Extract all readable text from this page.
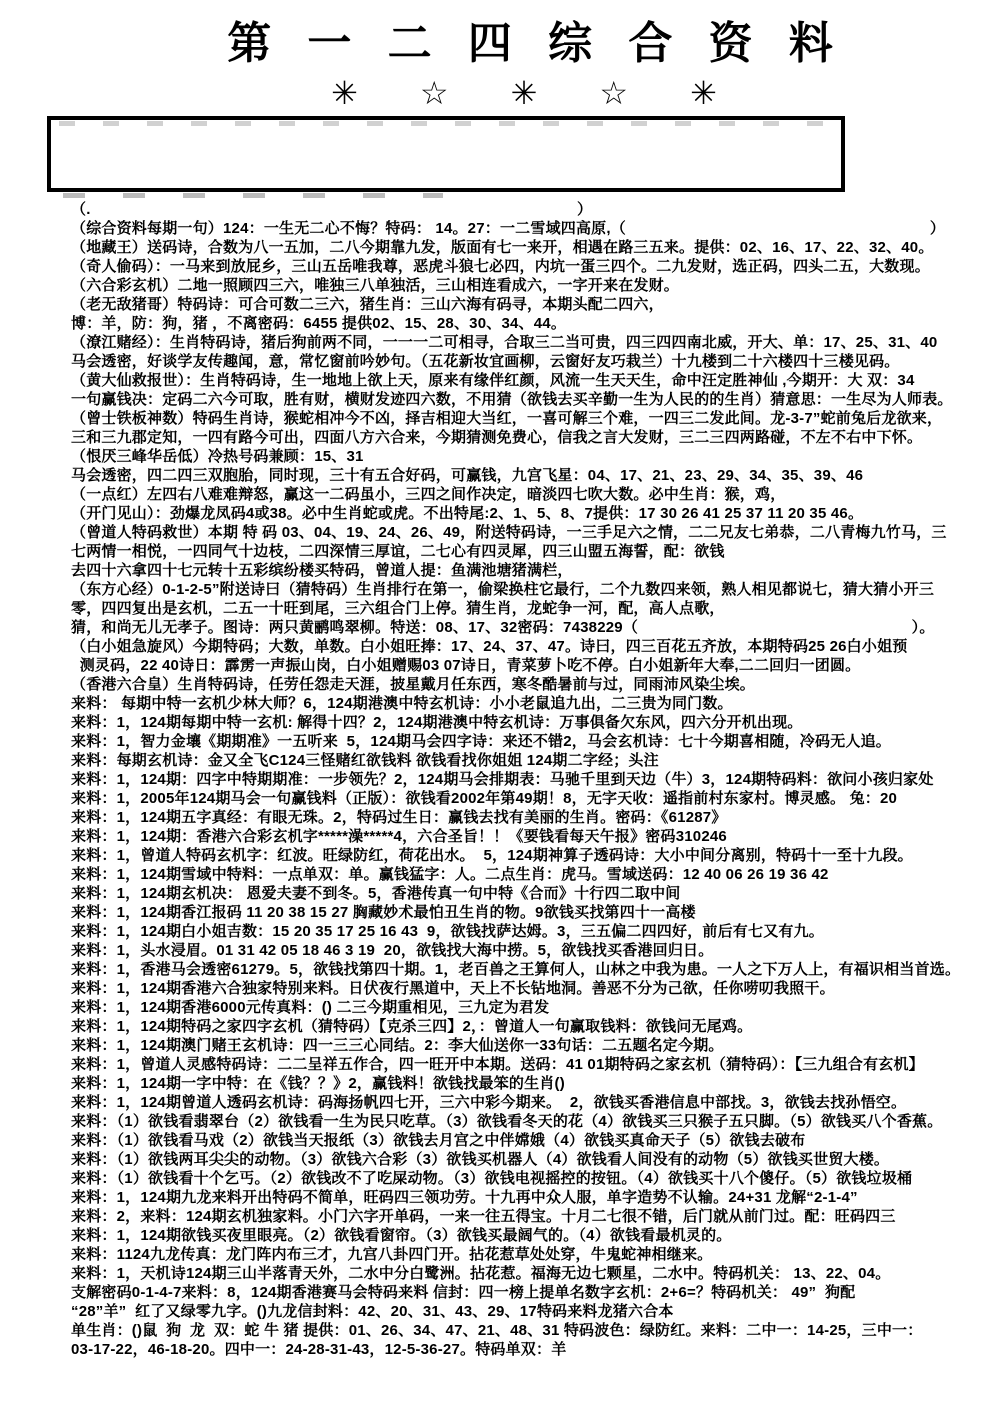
第 一 二 四 综 合 资 料
✳ ☆ ✳ ☆ ✳
（.　　　　　　　　　　　　　　　　　　　　　　　　　　　　　　　　）
（综合资料每期一句）124：一生无二心不悔？特码： 14。27：一二雪域四高原,（　　　　　　　　　　　　　　　　　　　　）
（地藏王）送码诗，合数为八一五加，二八今期靠九发，版面有七一来开，相遇在路三五来。提供：02、16、17、22、32、40。
（奇人偷码）：一马来到放屁乡，三山五岳唯我尊，恶虎斗狼七必四，内坑一蛋三四个。二九发财，选正码，四头二五，大数现。
（六合彩玄机）二地一照顾四三六，唯独三八单独活，三山相连看成六，一字开来在发财。
（老无敌猪哥）特码诗：可合可数二三六，猪生肖：三山六海有码寻，本期头配二四六，
博：羊，防：狗，猪 ，不离密码：6455 提供02、15、28、30、34、44。
（潦江赌经）：生肖特码诗，猪后狗前两不同，一一一二可相寻，合取三二当可贵，四三四四南北威，开大、单：17、25、31、40
马会透密，好谈学友传趣闻，意，常忆窗前吟妙句。（五花新妆宜画柳，云窗好友巧栽兰）十九楼到二十六楼四十三楼见码。
（黄大仙救报世）：生肖特码诗，生一地地上欲上天，原来有缘伴红颜，风流一生天天生，命中汪定胜神仙 ,今期开：大 双：34
一句赢钱决：定码二六今可取，胜有财，横财发迹四六数，不用猜（欲钱去买辛勤一生为人民的的生肖）猜意思：一生尽为人师表。
（曾士铁板神数）特码生肖诗，猴蛇相冲今不凶，择吉相迎大当红，一喜可解三个难，一四三二发此间。龙-3-7”蛇前兔后龙欲来，
三和三九郡定知，一四有路今可出，四面八方六合来，今期猜测免费心，信我之言大发财，三二三四两路碰，不左不右中下怀。
（恨厌三峰华岳低）冷热号码兼顾：15、31
马会透密，四二四三双胞胎，同时现，三十有五合好码，可赢钱，九宫飞星：04、17、21、23、29、34、35、39、46
（一点红）左四右八难难辩怒，赢这一二码虽小，三四之间作决定，暗淡四七吹大数。必中生肖：猴，鸡，
（开门见山）：劲爆龙凤码4或38。必中生肖蛇或虎。不出特尾:2、1、5、8、7提供：17 30 26 41 25 37 11 20 35 46。
（曾道人特码救世）本期 特 码 03、04、19、24、26、49，附送特码诗，一三手足六之情，二二兄友七弟恭，二八青梅九竹马，三
七两情一相悦，一四同气十边枝，二四深情三厚谊，二七心有四灵犀，四三山盟五海誓，配：欲钱
去四十六拿四十七元转十五彩缤纷楼买特码，曾道人提：鱼满池塘猪满栏，
（东方心经）0-1-2-5”附送诗曰（猜特码）生肖排行在第一，偷梁换柱它最行，二个九数四来领，熟人相见都说七，猜大猜小开三
零，四四复出是玄机，二五一十旺到尾，三六组合门上停。猜生肖，龙蛇争一河，配，高人点歌，
猜，和尚无儿无孝子。图诗：两只黄鹂鸣翠柳。特送：08、17、32密码：7438229（　　　　　　　　　　　　　　　　　　）。
（白小姐急旋风）今期特码；大数，单数。白小姐旺捧：17、24、37、47。诗曰，四三百花五齐放，本期特码25 26白小姐预
测灵码，22 40诗日：霹雳一声振山岗，白小姐赠赐03 07诗日，青菜萝卜吃不停。白小姐新年大奉,二二回归一团圆。
（香港六合皇）生肖特码诗，任劳任怨走天涯，披星戴月任东西，寒冬酷暑前与过，同雨沛风染尘埃。
来料： 每期中特一玄机少林大师？6，124期港澳中特玄机诗：小小老鼠追九出，二三贵为同门数。
来料：1，124期每期中特一玄机: 解得十四？2，124期港澳中特玄机诗：万事俱备欠东风，四六分开机出现。
来料：1，智力金壤《期期准》一五听来  5，124期马会四字诗：来还不错2，马会玄机诗：七十今期喜相随，冷码无人追。
来料：每期玄机诗：金又全飞C124三怪赌红欲钱料 欲钱看找你姐姐 124期二字经；头注
来料：1，124期：四字中特期期准：一步领先？2，124期马会排期表：马驰千里到天边（牛）3，124期特码料：欲问小孩归家处
来料：1，2005年124期马会一句赢钱料（正版）：欲钱看2002年第49期！8，无字天收：遥指前村东家村。博灵感。 兔：20
来料：1，124期五字真经：有眼无珠。2，特码过生日：赢钱去找有美丽的生肖。密码：《61287》
来料：1，124期：香港六合彩玄机字*****澡*****4，六合圣旨！！《要钱看每天午报》密码310246
来料：1，曾道人特码玄机字：红波。旺绿防红，荷花出水。  5，124期神算子透码诗：大小中间分离别，特码十一至十九段。
来料：1，124期雪域中特料：一点单双：单。赢钱猛字：人。二点生肖：虎马。雪域送码：12 40 06 26 19 36 42
来料：1，124期玄机决： 恩爱夫妻不到冬。5，香港传真一句中特《合而》十行四二取中间
来料：1，124期香江报码 11 20 38 15 27 胸藏妙术最怕丑生肖的物。9欲钱买找第四十一高楼
来料：1，124期白小姐吉数：15 20 35 17 25 16 43  9，欲钱找萨达姆。3，三五偏二四四好，前后有七又有九。
来料：1，头水浸眉。01 31 42 05 18 46 3 19  20，欲钱找大海中捞。5，欲钱找买香港回归日。
来料：1，香港马会透密61279。5，欲钱找第四十期。1，老百兽之王算何人，山林之中我为患。一人之下万人上，有福识相当首选。
来料：1，124期香港六合独家特别来料。日伏夜行黑道中，天上不长钻地洞。善恶不分为己欲，任你唠叨我照干。
来料：1，124期香港6000元传真料：() 二三今期重相见，三九定为君发
来料：1，124期特码之家四字玄机（猜特码）【克杀三四】2，：曾道人一句赢取钱料：欲钱问无尾鸡。
来料：1，124期澳门赌王玄机诗：四一三三心同结。2：李大仙送你一33句话：二五题名定今期。
来料：1，曾道人灵感特码诗：二二呈祥五作合，四一旺开中本期。送码：41 01期特码之家玄机（猜特码）：【三九组合有玄机】
来料：1，124期一字中特：在《钱？？》2，赢钱料！欲钱找最笨的生肖()
来料：1，124期曾道人透码玄机诗：码海扬帆四七开，三六中彩今期来。  2，欲钱买香港信息中部找。3，欲钱去找孙悟空。
来料：（1）欲钱看翡翠台（2）欲钱看一生为民只吃草。（3）欲钱看冬天的花（4）欲钱买三只猴子五只脚。（5）欲钱买八个香蕉。
来料：（1）欲钱看马戏（2）欲钱当天报纸（3）欲钱去月宫之中伴嫦娥（4）欲钱买真命天子（5）欲钱去破布
来料：（1）欲钱两耳尖尖的动物。（3）欲钱六合彩（3）欲钱买机器人（4）欲钱看人间没有的动物（5）欲钱买世贸大楼。
来料：（1）欲钱看十个乞丐。（2）欲钱改不了吃屎动物。（3）欲钱电视摇控的按钮。（4）欲钱买十八个傻仔。（5）欲钱垃圾桶
来料：1，124期九龙来料开出特码不简单，旺码四三领功劳。十九再中众人服，单字造势不认输。24+31 龙解“2-1-4”
来料：2，来料：124期玄机独家料。小门六字开单码，一来一往五得宝。十月二七很不错，后门就从前门过。配：旺码四三
来料：1，124期欲钱买夜里眼亮。（2）欲钱看窗帘。（3）欲钱买最阔气的。（4）欲钱看最机灵的。
来料：1124九龙传真：龙门阵内布三才，九宫八卦四门开。拈花惹草处处穿，牛鬼蛇神相继来。
来料：1，天机诗124期三山半落青天外，二水中分白鹭洲。拈花惹。福海无边七颗星，二水中。特码机关： 13、22、04。
支解密码0-1-4-7来料：8，124期香港赛马会特码来料 信封：四一榜上提单名数字玄机：2+6=？特码机关： 49”  狗配
“28”羊”  红了又绿零九字。()九龙信封料：42、20、31、43、29、17特码来料龙猪六合本
单生肖：()鼠  狗  龙  双：蛇 牛 猪 提供：01、26、34、47、21、48、31 特码波色：绿防红。来料：二中一：14-25，三中一：
03-17-22，46-18-20。四中一：24-28-31-43，12-5-36-27。特码单双：羊
